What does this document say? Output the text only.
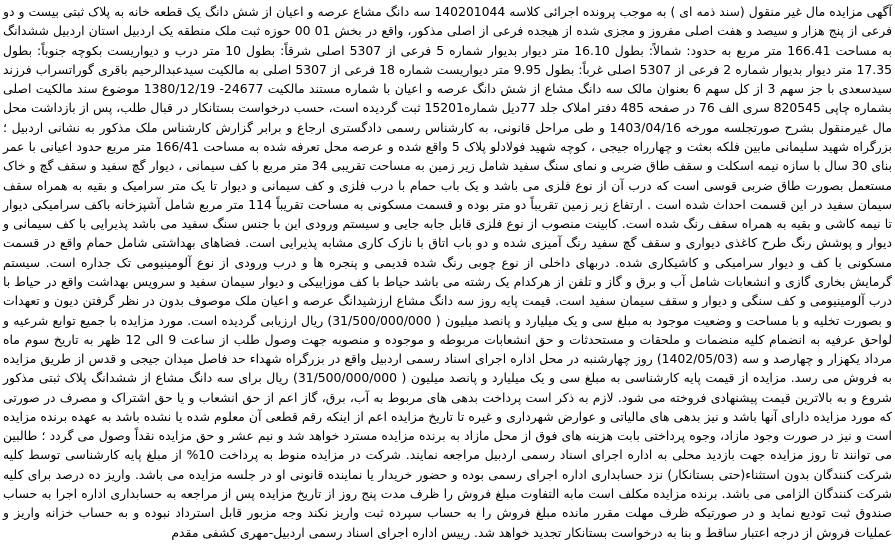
آگهی مزایده مال غیر منقول (سند ذمه ای ) به موجب پرونده اجرائی کلاسه 140201044 سه دانگ مشاع عرصه و اعیان از شش دانگ یک قطعه خانه به پلاک ثبتی بیست و دو فرعی از پنج هزار و سیصد و هفت اصلی مفروز و مجزی شده از هیجده فرعی از اصلی مذکور، واقع در بخش 01 00 حوزه ثبت ملک منطقه یک اردبیل استان اردبیل ششدانگ به مساحت 166.41 متر مربع به حدود: شمالاً: بطول 16.10 متر دیوار بدیوار شماره 5 فرعی از 5307 اصلی شرقاً: بطول 10 متر درب و دیواریست بکوچه جنوباً: بطول 17.35 متر دیوار بدیوار شماره 2 فرعی از 5307 اصلی غرباً: بطول 9.95 متر دیواریست شماره 18 فرعی از 5307 اصلی به مالکیت سیدعبدالرحیم باقری گوراتسراب فرزند سیدسعدی با جز سهم 3 از کل سهم 6 بعنوان مالک سه دانگ مشاع از شش دانگ عرصه و اعیان با شماره مستند مالکیت 24677- 1380/12/19 موضوع سند مالکیت اصلی بشماره چاپی 820545 سری الف 76 در صفحه 485 دفتر املاک جلد 77دیل شماره15201 ثبت گردیده است، حسب درخواست بستانکار در قبال طلب، پس از بازداشت محل مال غیرمنقول بشرح صورتجلسه مورخه 1403/04/16 و طی مراحل قانونی، به کارشناس رسمی دادگستری ارجاع و برابر گزارش کارشناس ملک مذکور به نشانی اردبیل ؛ بزرگراه شهید سلیمانی مابین فلکه بعثت و چهارراه جیجی ، کوچه شهید فولادلو پلاک 5 واقع شده و عرصه محل تعرفه شده به مساحت 166/41 متر مربع حدود اعیانی با عمر بنای 30 سال با سازه نیمه اسکلت و سقف طاق ضربی و نمای سنگ سفید شامل زیر زمین به مساحت تقریبی 34 متر مربع با کف سیمانی ، دیوار گچ سفید و سقف گچ و خاک مستعمل بصورت طاق ضربی قوسی است که درب آن از نوع فلزی می باشد و یک باب حمام با درب فلزی و کف سیمانی و دیوار تا یک متر سرامیک و بقیه به همراه سقف سیمان سفید در این قسمت احداث شده است . ارتفاع زیر زمین تقریباً دو متر بوده و قسمت مسکونی به مساحت تقریباً 114 متر مربع شامل آشپزخانه باکف سرامیکی دیوار تا نیمه کاشی و بقیه به همراه سقف رنگ شده است. کابینت منصوب از نوع فلزی قابل جابه جایی و سیستم ورودی این با جنس سنگ سفید می باشد پذیرایی با کف سیمانی و دیوار و پوشش رنگ طرح کاغذی دیواری و سقف گچ سفید رنگ آمیزی شده و دو باب اتاق با نازک کاری مشابه پذیرایی است. فضاهای بهداشتی شامل حمام واقع در قسمت مسکونی با کف و دیوار سرامیکی و کاشیکاری شده. دربهای داخلی از نوع چوبی رنگ شده قدیمی و پنجره ها و درب ورودی از نوع آلومینیومی تک جداره است. سیستم گرمایش بخاری گازی و انشعابات شامل آب و برق و گاز و تلفن از هرکدام یک رشته می باشد حیاط با کف موزاییکی و دیوار سیمان سفید و سرویس بهداشت واقع در حیاط با درب آلومینیومی و کف سنگی و دیوار و سقف سیمان سفید است. قیمت پایه روز سه دانگ مشاع ارزشیدانگ عرصه و اعیان ملک موصوف بدون در نظر گرفتن دیون و تعهدات و بصورت تخلیه و با مساحت و وضعیت موجود به مبلغ سی و یک میلیارد و پانصد میلیون ( 31/500/000/000) ریال ارزیابی گردیده است. مورد مزایده با جمیع توابع شرعیه و لواحق عرفیه به انضمام کلیه منضمات و ملحقات و مستحدثات و حق انشعابات مربوطه و موجوده و منصوبه جهت وصول طلب از ساعت 9 الی 12 ظهر به تاریخ سوم ماه مرداد یکهزار و چهارصد و سه (1402/05/03) روز چهارشنبه در محل اداره اجرای اسناد رسمی اردبیل واقع در بزرگراه شهداء حد فاصل میدان جیجی و قدس از طریق مزایده به فروش می رسد. مزایده از قیمت پایه کارشناسی به مبلغ سی و یک میلیارد و پانصد میلیون ( 31/500/000/000) ریال برای سه دانگ مشاع از ششدانگ پلاک ثبتی مذکور شروع و به بالاترین قیمت پیشنهادی فروخته می شود. لازم به ذکر است پرداخت بدهی های مربوط به آب، برق، گاز اعم از حق انشعاب و یا حق اشتراک و مصرف در صورتی که مورد مزایده دارای آنها باشد و نیز بدهی های مالیاتی و عوارض شهرداری و غیره تا تاریخ مزایده اعم از اینکه رقم قطعی آن معلوم شده یا نشده باشد به عهده برنده مزایده است و نیز در صورت وجود مازاد، وجوه پرداختی بابت هزینه های فوق از محل مازاد به برنده مزایده مسترد خواهد شد و نیم عشر و حق مزایده نقداً وصول می گردد ؛ طالبین می توانند تا روز مزایده جهت بازدید محلی به اداره اجرای اسناد رسمی اردبیل مراجعه نمایند. شرکت در مزایده منوط به پرداخت 10% از مبلغ پایه کارشناسی توسط کلیه شرکت کنندگان بدون استثناء(حتی بستانکار) نزد حسابداری اداره اجرای رسمی بوده و حضور خریدار یا نماینده قانونی او در جلسه مزایده می باشد. واریز ده درصد برای کلیه شرکت کنندگان الزامی می باشد. برنده مزایده مکلف است مابه التفاوت مبلغ فروش را ظرف مدت پنج روز از تاریخ مزایده پس از مراجعه به حسابداری اداره اجرا به حساب صندوق ثبت تودیع نماید و در صورتیکه ظرف مهلت مقرر مانده مبلغ فروش را به حساب سپرده ثبت واریز نکند وجه مزبور قابل استرداد نبوده و به حساب خزانه واریز و عملیات فروش از درجه اعتبار ساقط و بنا به درخواست بستانکار تجدید خواهد شد. رییس اداره اجرای اسناد رسمی اردبیل-مهری کشفی مقدم
